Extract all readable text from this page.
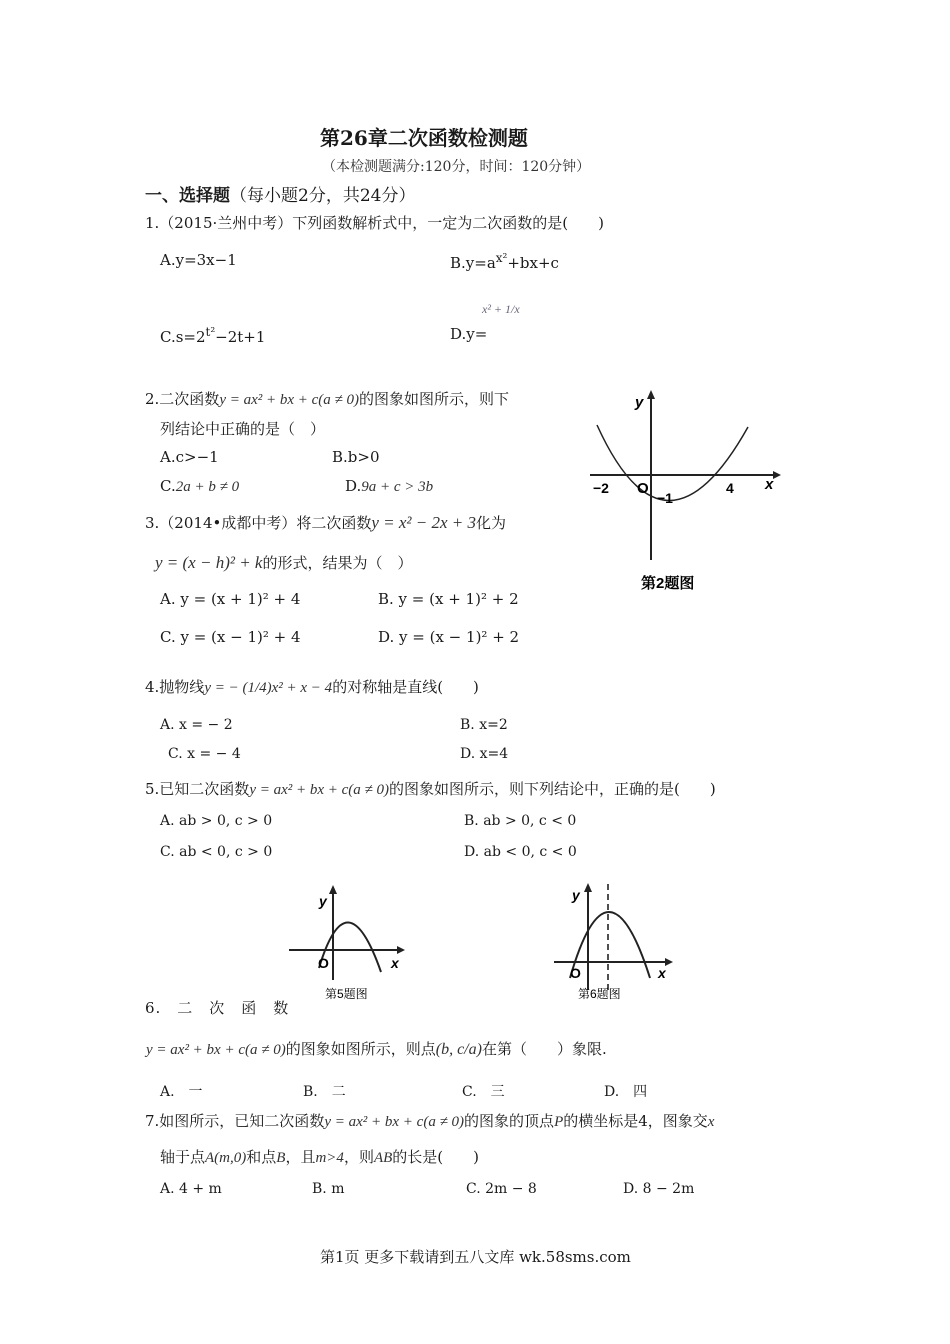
第26章二次函数检测题
（本检测题满分:120分，时间：120分钟）
一、选择题（每小题2分，共24分）
1.（2015·兰州中考）下列函数解析式中，一定为二次函数的是(　　)
A.y=3x−1	$B.y=a^{x^2}+bx+c$
$C.s=2^{t^2}-2t+1$	D.y=
x² + 1/x
2.二次函数y = ax² + bx + c(a ≠ 0)的图象如图所示，则下
列结论中正确的是（　）
A.c>−1	B.b>0
C.2a + b ≠ 0	D.9a + c > 3b
y
x
O
−2	4
−1
第2题图
3.（2014•成都中考）将二次函数y = x² − 2x + 3化为
y = (x − h)² + k的形式，结果为（　）
A. y = (x + 1)² + 4	B. y = (x + 1)² + 2
C. y = (x − 1)² + 4	D. y = (x − 1)² + 2
4.抛物线y = − (1/4)x² + x − 4的对称轴是直线(　　)
A. x = − 2	B. x=2
C. x = − 4	D. x=4
5.已知二次函数y = ax² + bx + c(a ≠ 0)的图象如图所示，则下列结论中，正确的是(　　)
A. ab > 0, c > 0	B. ab > 0, c < 0
C. ab < 0, c > 0	D. ab < 0, c < 0
y
x
O
第5题图
y
x
O
第6题图
6.　二　次　函　数
y = ax² + bx + c(a ≠ 0)的图象如图所示，则点(b, c/a)在第（　　）象限.
A.　一	B.　二	C.　三	D.　四
7.如图所示，已知二次函数y = ax² + bx + c(a ≠ 0)的图象的顶点P的横坐标是4，图象交x
轴于点A(m,0)和点B，且m>4，则AB的长是(　　)
A. 4 + m	B. m	C. 2m − 8	D. 8 − 2m
第1页 更多下载请到五八文库 wk.58sms.com
